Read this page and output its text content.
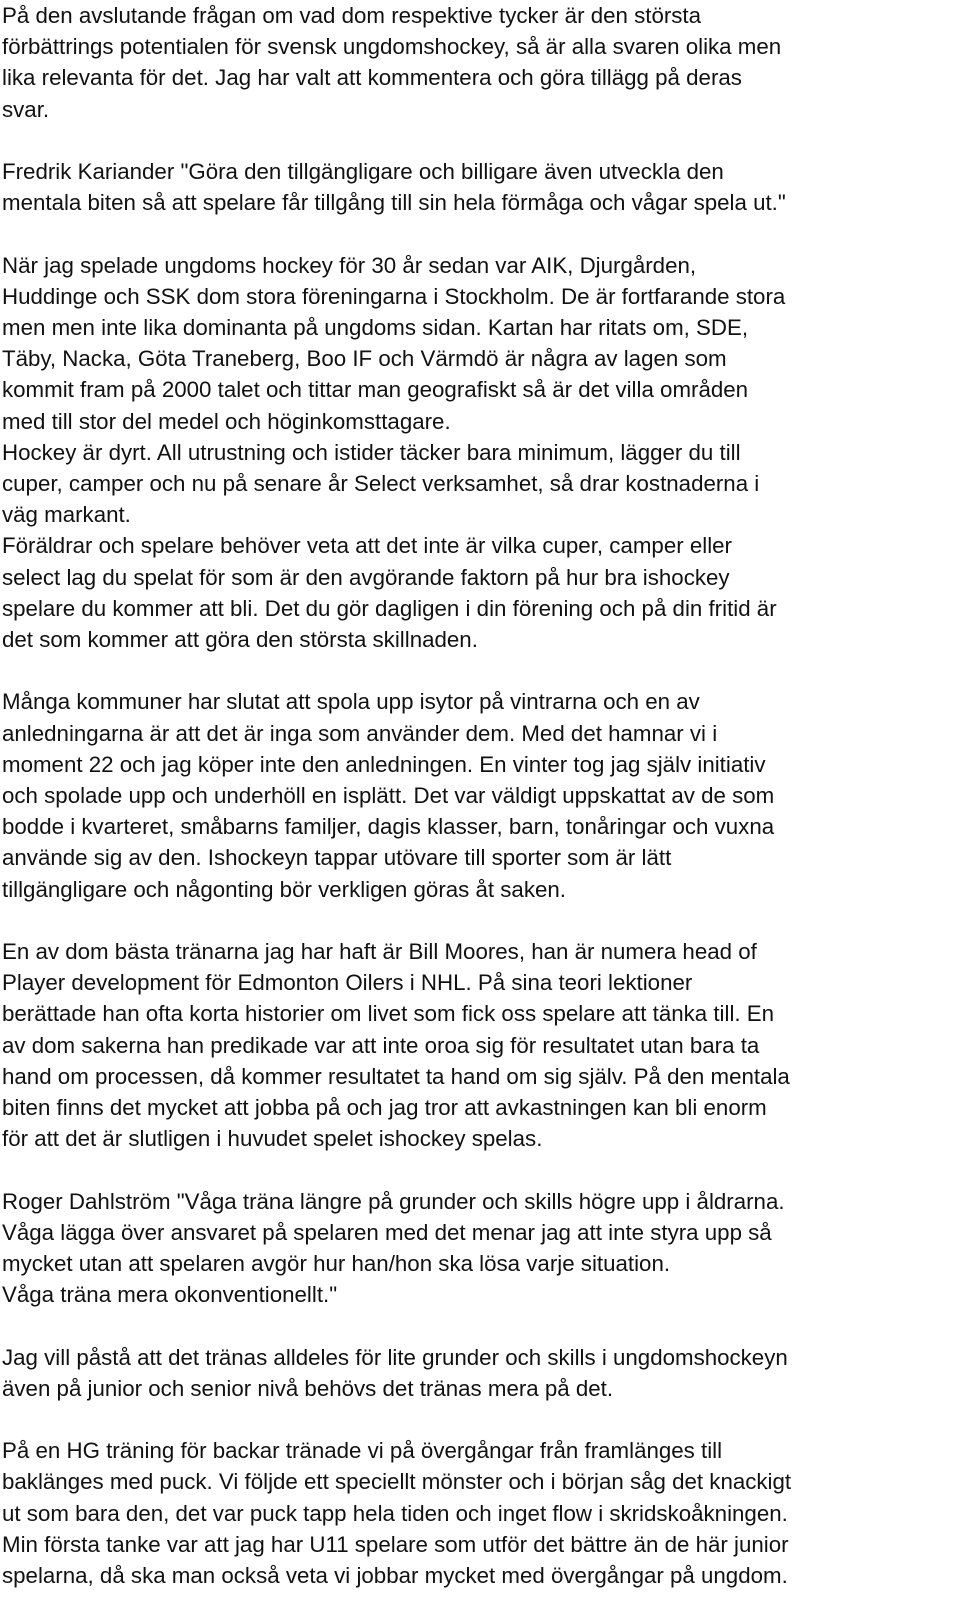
På den avslutande frågan om vad dom respektive tycker är den största
förbättrings potentialen för svensk ungdomshockey, så är alla svaren olika men
lika relevanta för det. Jag har valt att kommentera och göra tillägg på deras
svar.
Fredrik Kariander "Göra den tillgängligare och billigare även utveckla den
mentala biten så att spelare får tillgång till sin hela förmåga och vågar spela ut."
När jag spelade ungdoms hockey för 30 år sedan var AIK, Djurgården,
Huddinge och SSK dom stora föreningarna i Stockholm. De är fortfarande stora
men men inte lika dominanta på ungdoms sidan. Kartan har ritats om, SDE,
Täby, Nacka, Göta Traneberg, Boo IF och Värmdö är några av lagen som
kommit fram på 2000 talet och tittar man geografiskt så är det villa områden
med till stor del medel och höginkomsttagare.
Hockey är dyrt. All utrustning och istider täcker bara minimum, lägger du till
cuper, camper och nu på senare år Select verksamhet, så drar kostnaderna i
väg markant.
Föräldrar och spelare behöver veta att det inte är vilka cuper, camper eller
select lag du spelat för som är den avgörande faktorn på hur bra ishockey
spelare du kommer att bli. Det du gör dagligen i din förening och på din fritid är
det som kommer att göra den största skillnaden.
Många kommuner har slutat att spola upp isytor på vintrarna och en av
anledningarna är att det är inga som använder dem. Med det hamnar vi i
moment 22 och jag köper inte den anledningen. En vinter tog jag själv initiativ
och spolade upp och underhöll en isplätt. Det var väldigt uppskattat av de som
bodde i kvarteret, småbarns familjer, dagis klasser, barn, tonåringar och vuxna
använde sig av den. Ishockeyn tappar utövare till sporter som är lätt
tillgängligare och någonting bör verkligen göras åt saken.
En av dom bästa tränarna jag har haft är Bill Moores, han är numera head of
Player development för Edmonton Oilers i NHL. På sina teori lektioner
berättade han ofta korta historier om livet som fick oss spelare att tänka till. En
av dom sakerna han predikade var att inte oroa sig för resultatet utan bara ta
hand om processen, då kommer resultatet ta hand om sig själv. På den mentala
biten finns det mycket att jobba på och jag tror att avkastningen kan bli enorm
för att det är slutligen i huvudet spelet ishockey spelas.
Roger Dahlström "Våga träna längre på grunder och skills högre upp i åldrarna.
Våga lägga över ansvaret på spelaren med det menar jag att inte styra upp så
mycket utan att spelaren avgör hur han/hon ska lösa varje situation.
Våga träna mera okonventionellt."
Jag vill påstå att det tränas alldeles för lite grunder och skills i ungdomshockeyn
även på junior och senior nivå behövs det tränas mera på det.
På en HG träning för backar tränade vi på övergångar från framlänges till
baklänges med puck. Vi följde ett speciellt mönster och i början såg det knackigt
ut som bara den, det var puck tapp hela tiden och inget flow i skridskoåkningen.
Min första tanke var att jag har U11 spelare som utför det bättre än de här junior
spelarna, då ska man också veta vi jobbar mycket med övergångar på ungdom.
